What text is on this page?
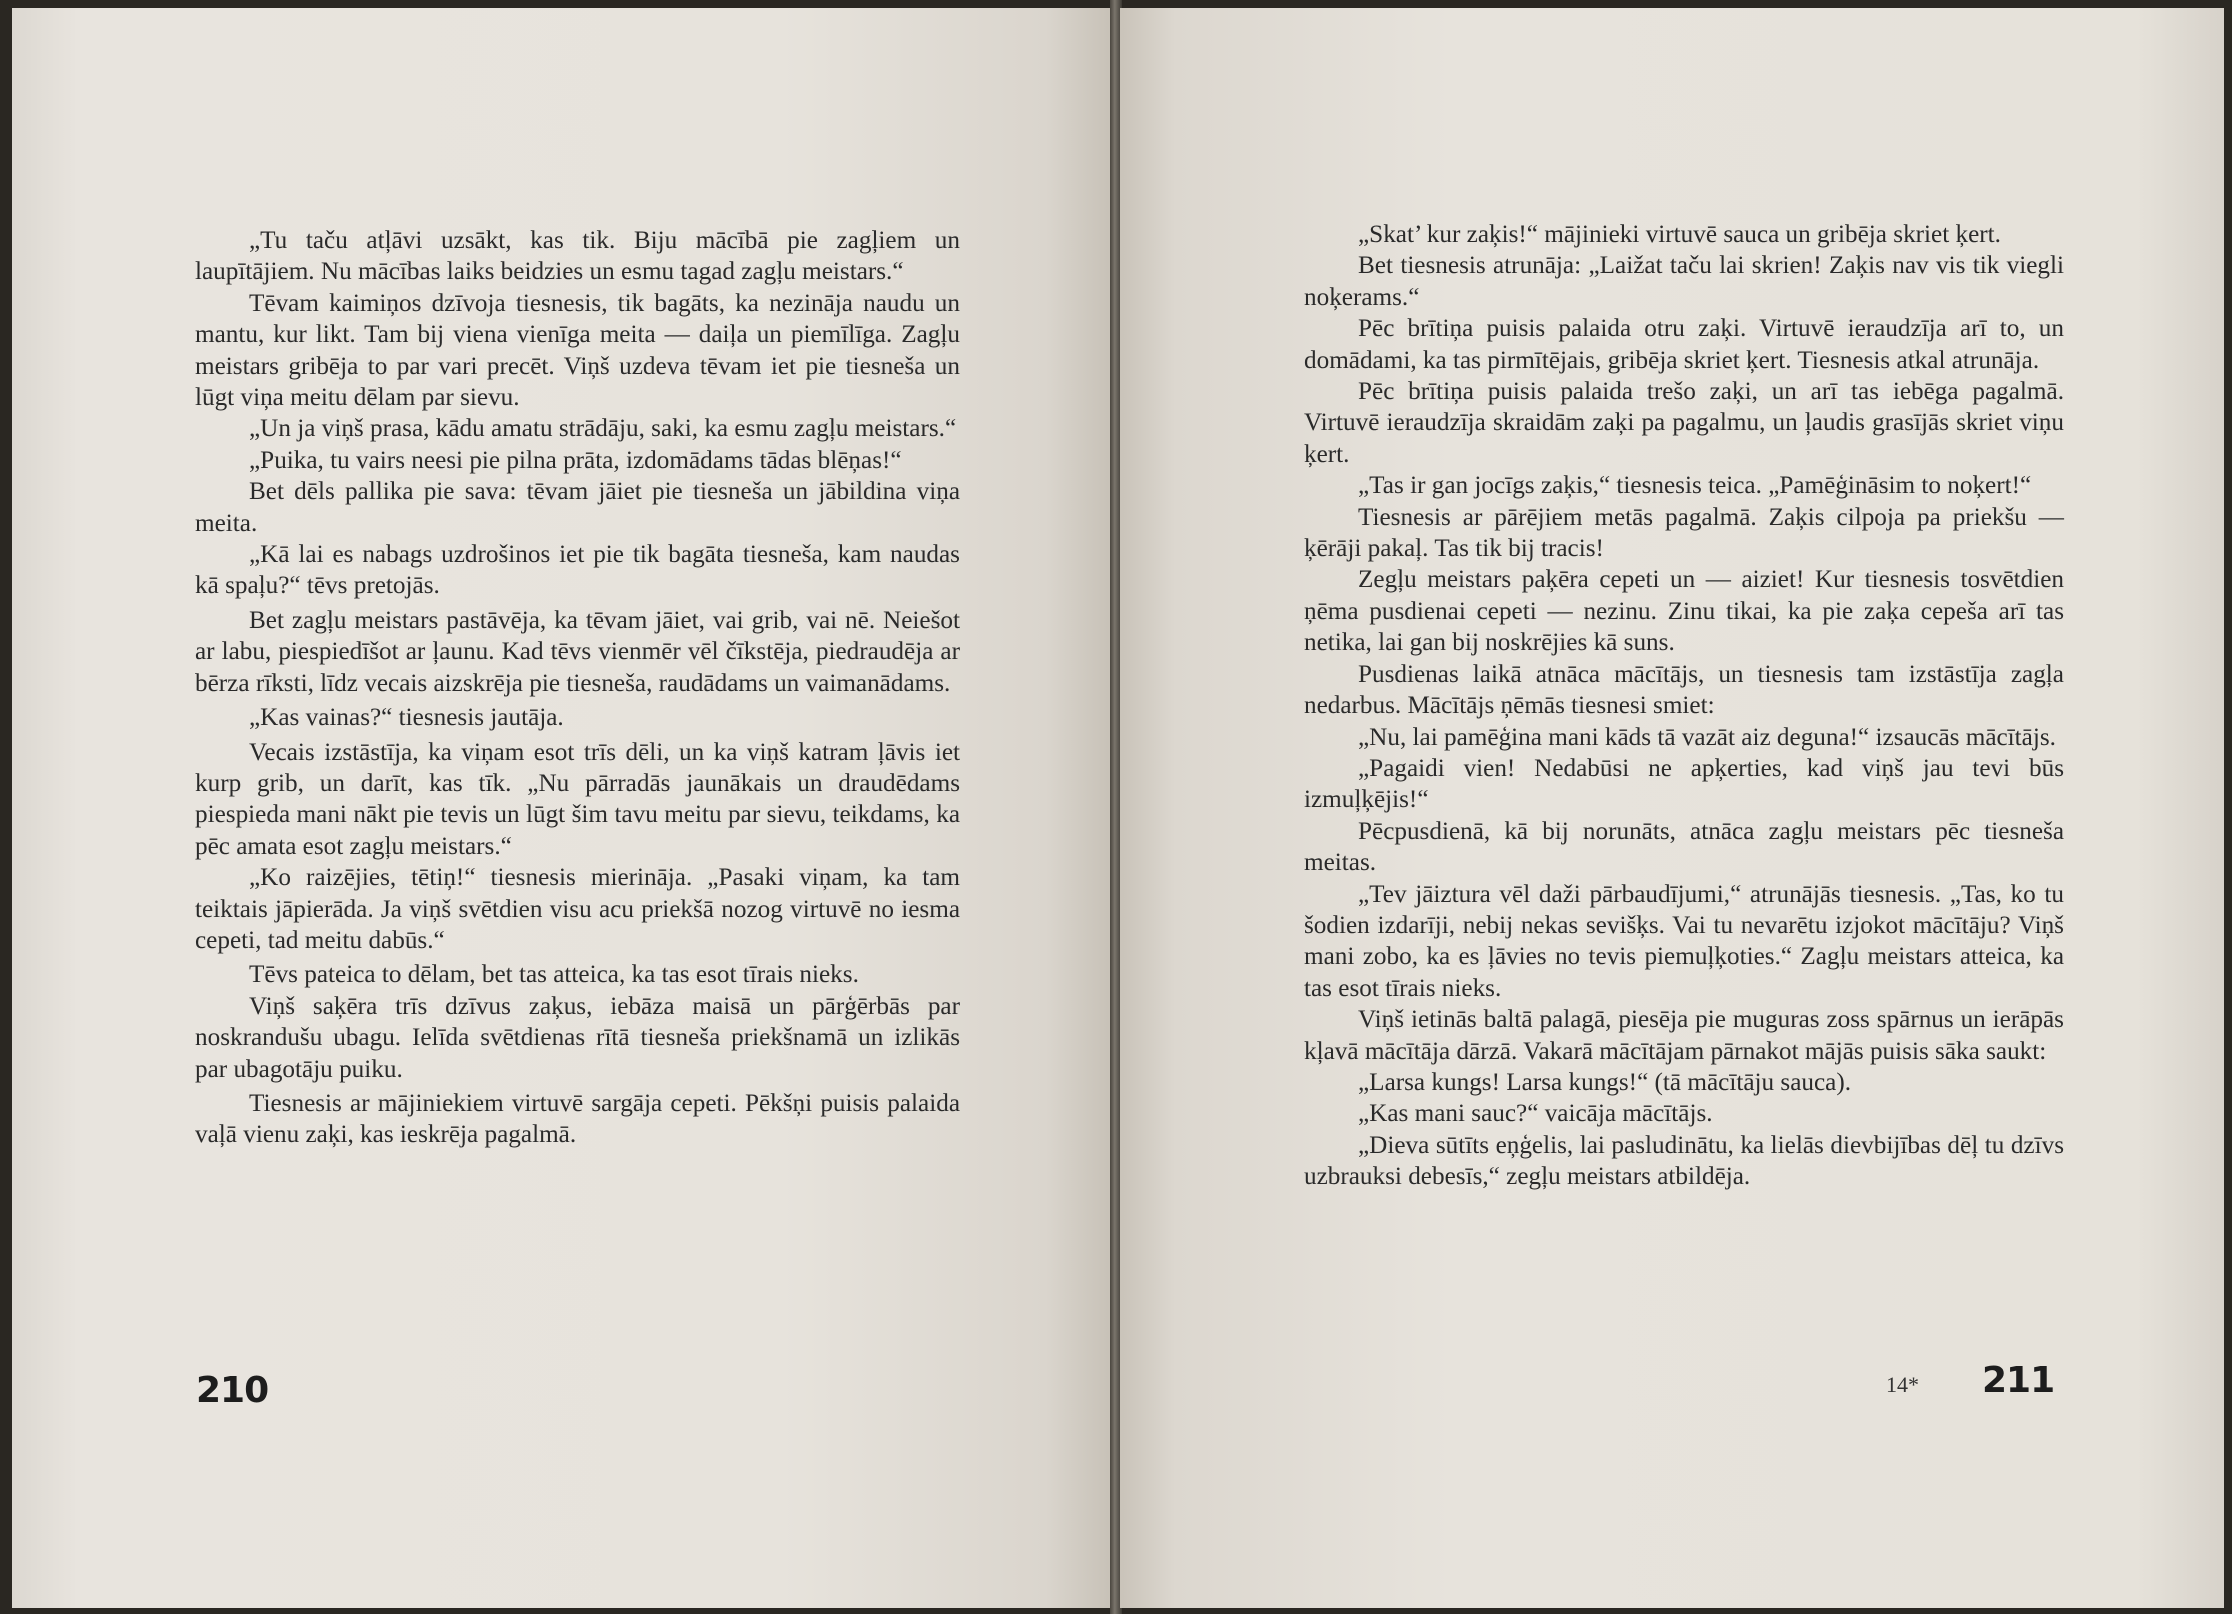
„Tu taču atļāvi uzsākt, kas tik. Biju mācībā pie zagļiem un laupītājiem. Nu mācības laiks beidzies un esmu tagad zagļu meistars.“

Tēvam kaimiņos dzīvoja tiesnesis, tik bagāts, ka nezināja naudu un mantu, kur likt. Tam bij viena vienīga meita — daiļa un piemīlīga. Zagļu meistars gribēja to par vari precēt. Viņš uzdeva tēvam iet pie tiesneša un lūgt viņa meitu dēlam par sievu.

„Un ja viņš prasa, kādu amatu strādāju, saki, ka esmu zagļu meistars.“

„Puika, tu vairs neesi pie pilna prāta, izdomādams tādas blēņas!“

Bet dēls pallika pie sava: tēvam jāiet pie tiesneša un jābildina viņa meita.

„Kā lai es nabags uzdrošinos iet pie tik bagāta tiesneša, kam naudas kā spaļu?“ tēvs pretojās.

Bet zagļu meistars pastāvēja, ka tēvam jāiet, vai grib, vai nē. Neiešot ar labu, piespiedīšot ar ļaunu. Kad tēvs vienmēr vēl čīkstēja, piedraudēja ar bērza rīksti, līdz vecais aizskrēja pie tiesneša, raudādams un vaimanādams.

„Kas vainas?“ tiesnesis jautāja.

Vecais izstāstīja, ka viņam esot trīs dēli, un ka viņš katram ļāvis iet kurp grib, un darīt, kas tīk. „Nu pārradās jaunākais un draudēdams piespieda mani nākt pie tevis un lūgt šim tavu meitu par sievu, teikdams, ka pēc amata esot zagļu meistars.“

„Ko raizējies, tētiņ!“ tiesnesis mierināja. „Pasaki viņam, ka tam teiktais jāpierāda. Ja viņš svētdien visu acu priekšā nozog virtuvē no iesma cepeti, tad meitu dabūs.“

Tēvs pateica to dēlam, bet tas atteica, ka tas esot tīrais nieks.

Viņš saķēra trīs dzīvus zaķus, iebāza maisā un pārģērbās par noskrandušu ubagu. Ielīda svētdienas rītā tiesneša priekšnamā un izlikās par ubagotāju puiku.

Tiesnesis ar mājiniekiem virtuvē sargāja cepeti. Pēkšņi puisis palaida vaļā vienu zaķi, kas ieskrēja pagalmā.

210

„Skat’ kur zaķis!“ mājinieki virtuvē sauca un gribēja skriet ķert.

Bet tiesnesis atrunāja: „Laižat taču lai skrien! Zaķis nav vis tik viegli noķerams.“

Pēc brītiņa puisis palaida otru zaķi. Virtuvē ieraudzīja arī to, un domādami, ka tas pirmītējais, gribēja skriet ķert. Tiesnesis atkal atrunāja.

Pēc brītiņa puisis palaida trešo zaķi, un arī tas iebēga pagalmā. Virtuvē ieraudzīja skraidām zaķi pa pagalmu, un ļaudis grasījās skriet viņu ķert.

„Tas ir gan jocīgs zaķis,“ tiesnesis teica. „Pamēģināsim to noķert!“

Tiesnesis ar pārējiem metās pagalmā. Zaķis cilpoja pa priekšu — ķērāji pakaļ. Tas tik bij tracis!

Zegļu meistars paķēra cepeti un — aiziet! Kur tiesnesis tosvētdien ņēma pusdienai cepeti — nezinu. Zinu tikai, ka pie zaķa cepeša arī tas netika, lai gan bij noskrējies kā suns.

Pusdienas laikā atnāca mācītājs, un tiesnesis tam izstāstīja zagļa nedarbus. Mācītājs ņēmās tiesnesi smiet:

„Nu, lai pamēģina mani kāds tā vazāt aiz deguna!“ izsaucās mācītājs.

„Pagaidi vien! Nedabūsi ne apķerties, kad viņš jau tevi būs izmuļķējis!“

Pēcpusdienā, kā bij norunāts, atnāca zagļu meistars pēc tiesneša meitas.

„Tev jāiztura vēl daži pārbaudījumi,“ atrunājās tiesnesis. „Tas, ko tu šodien izdarīji, nebij nekas sevišķs. Vai tu nevarētu izjokot mācītāju? Viņš mani zobo, ka es ļāvies no tevis piemuļķoties.“ Zagļu meistars atteica, ka tas esot tīrais nieks.

Viņš ietinās baltā palagā, piesēja pie muguras zoss spārnus un ierāpās kļavā mācītāja dārzā. Vakarā mācītājam pārnakot mājās puisis sāka saukt:

„Larsa kungs! Larsa kungs!“ (tā mācītāju sauca).

„Kas mani sauc?“ vaicāja mācītājs.

„Dieva sūtīts eņģelis, lai pasludinātu, ka lielās dievbijības dēļ tu dzīvs uzbrauksi debesīs,“ zegļu meistars atbildēja.

14* 211
